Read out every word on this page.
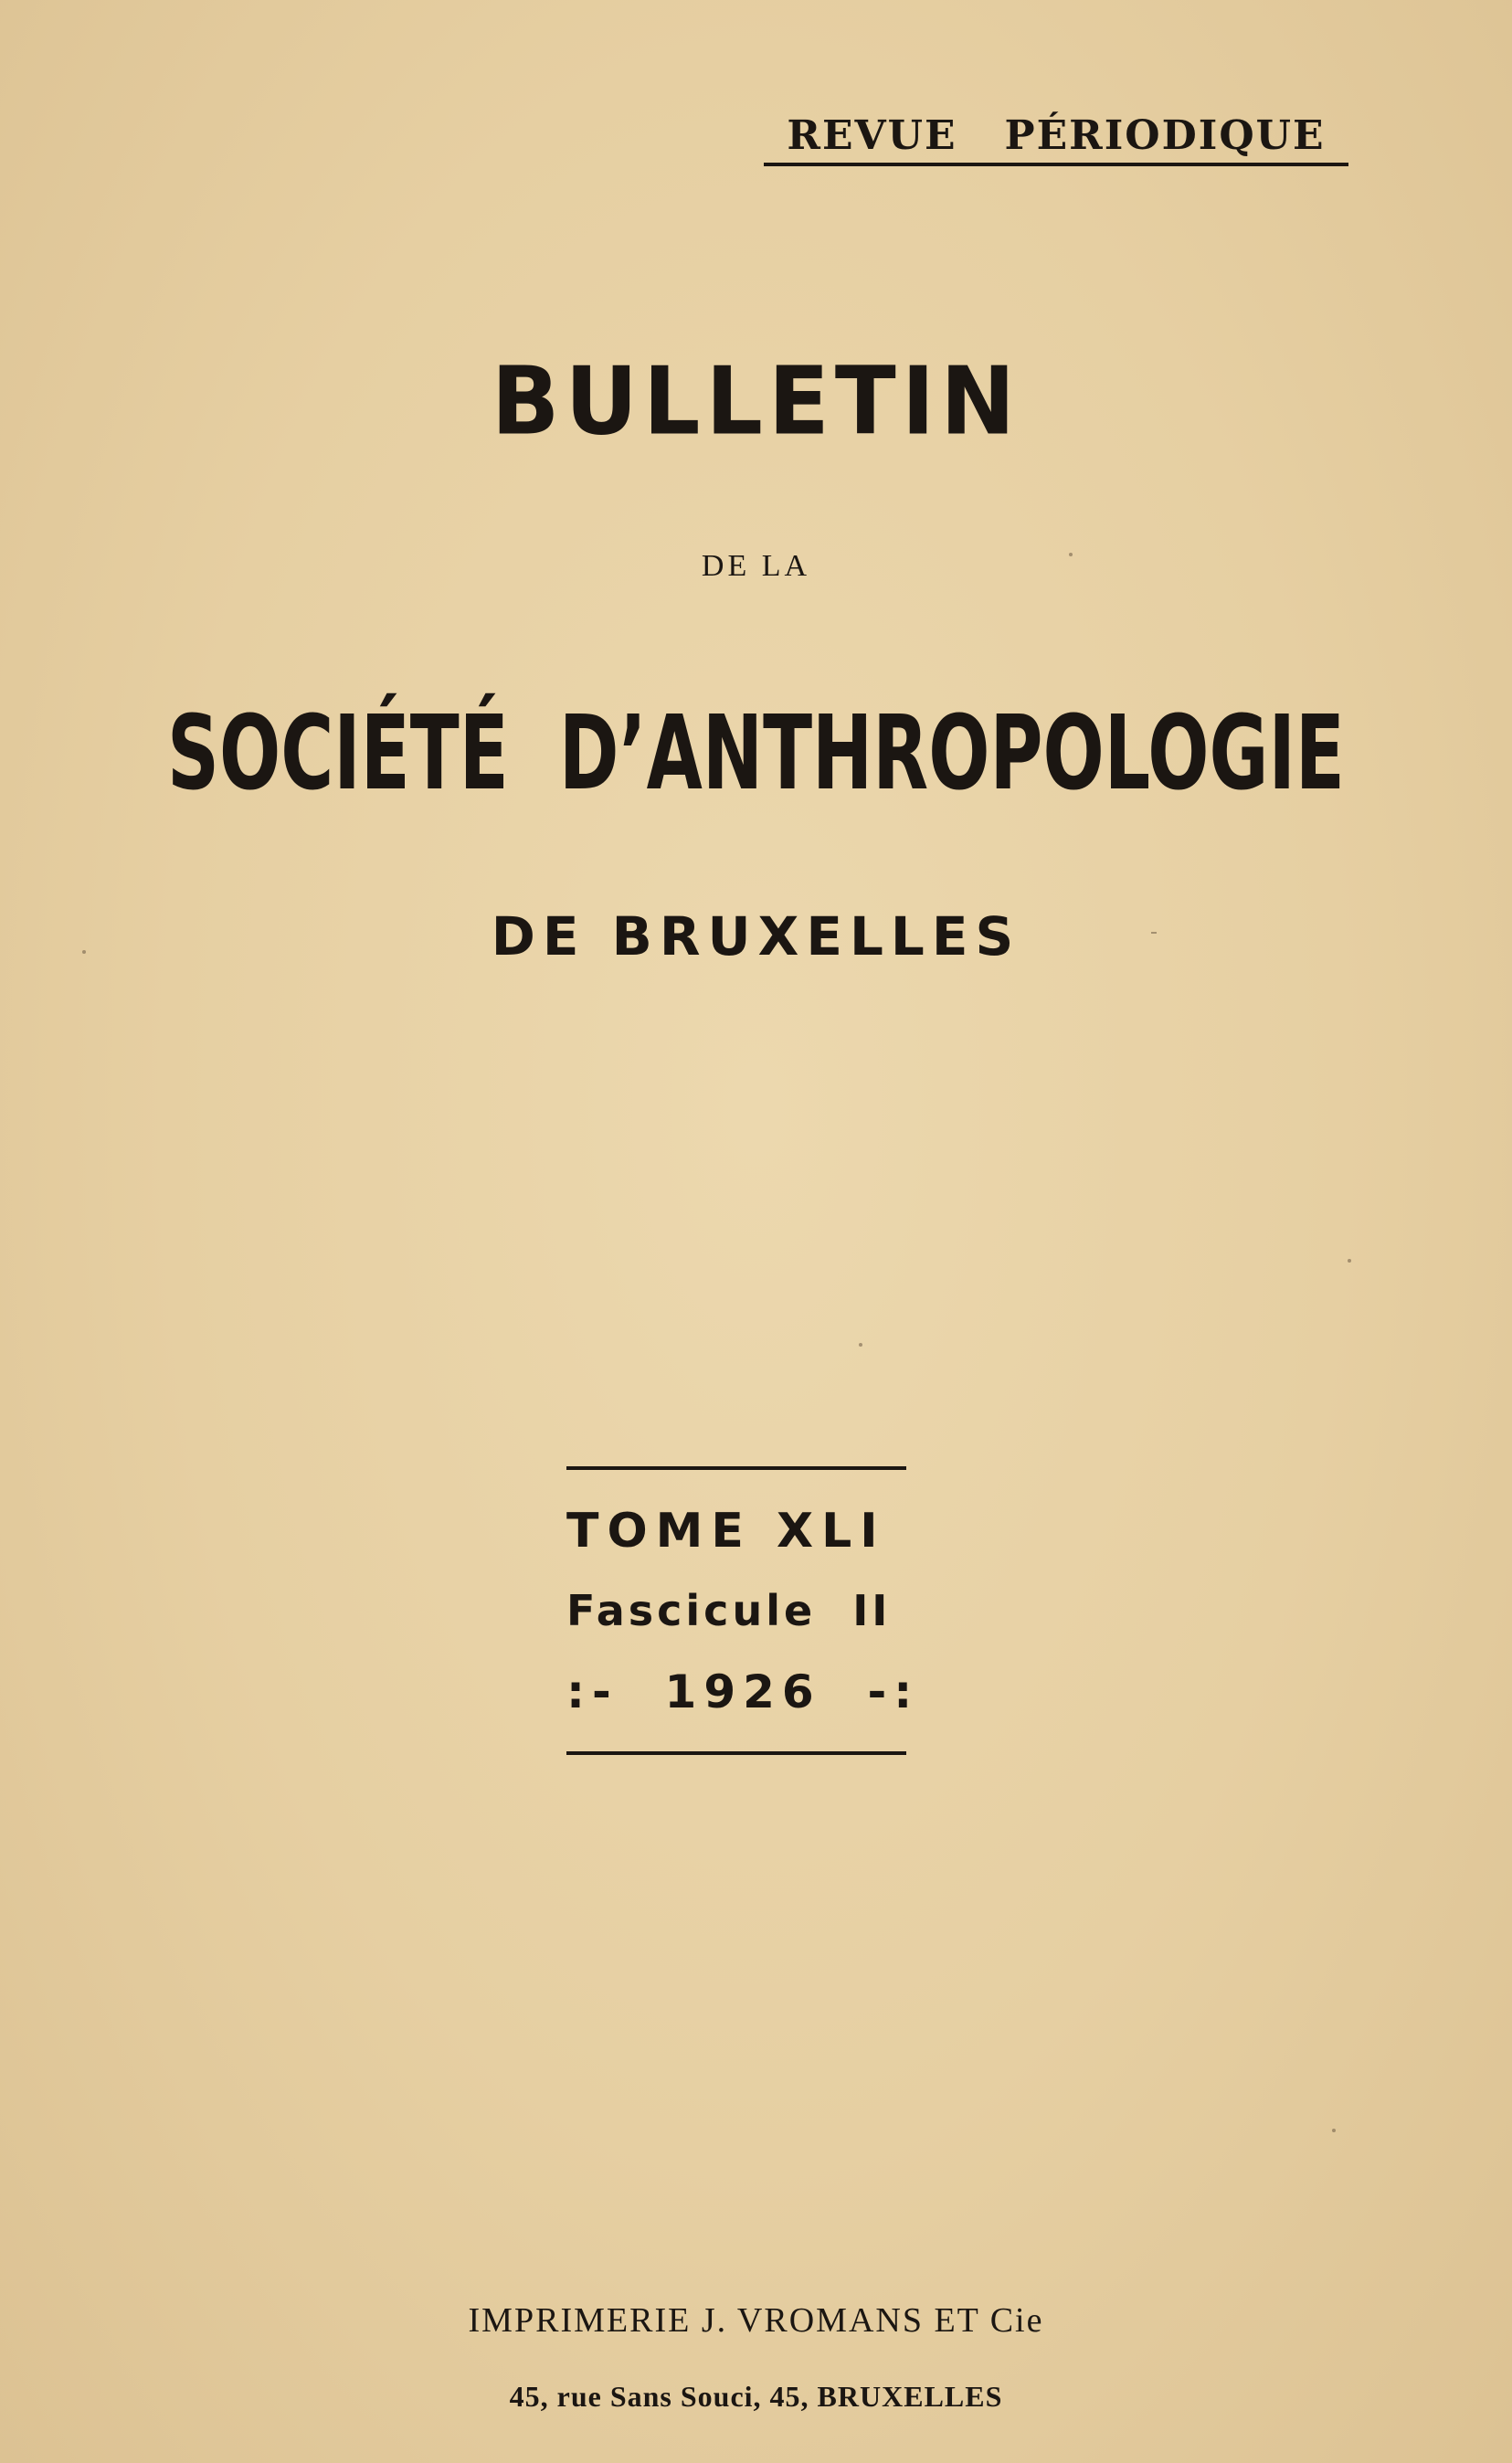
REVUE   PÉRIODIQUE
BULLETIN
DE LA
SOCIÉTÉ  D’ANTHROPOLOGIE
DE BRUXELLES
TOME XLI
Fascicule  II
:-  1926  -:
IMPRIMERIE J. VROMANS ET Cie
45, rue Sans Souci, 45, BRUXELLES
